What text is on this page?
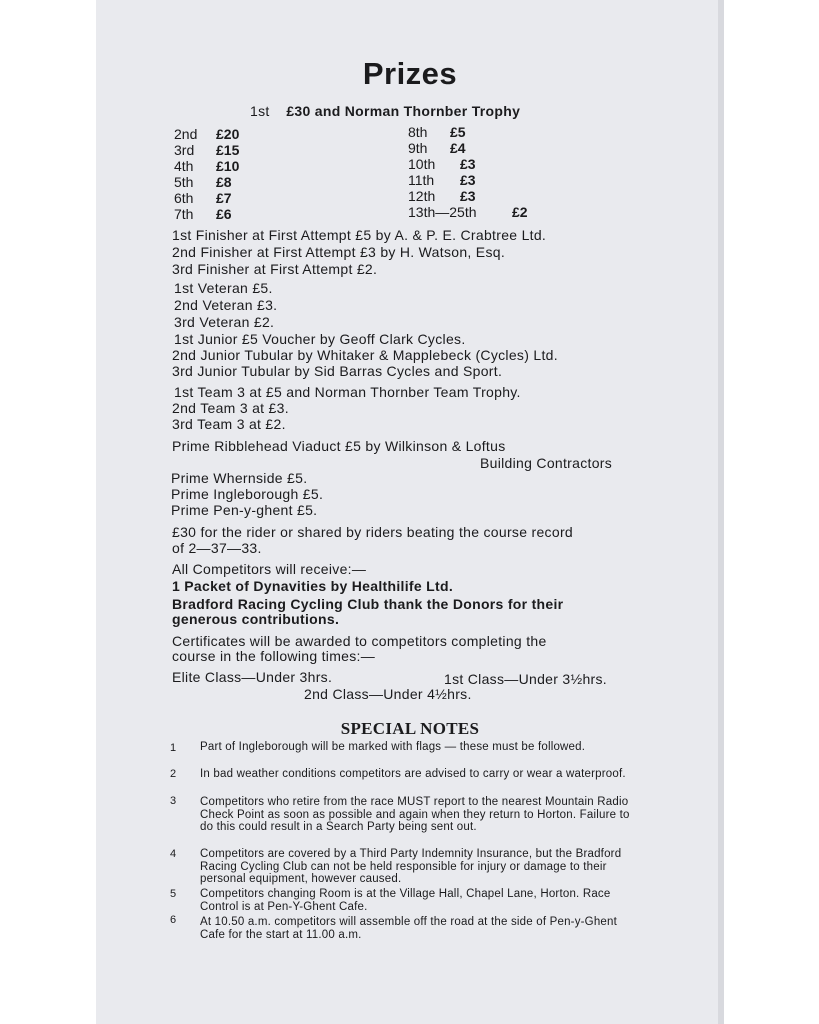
Prizes
1st £30 and Norman Thornber Trophy
2nd £20
3rd £15
4th £10
5th £8
6th £7
7th £6
8th £5
9th £4
10th £3
11th £3
12th £3
13th—25th	£2
1st Finisher at First Attempt £5 by A. & P. E. Crabtree Ltd.
2nd Finisher at First Attempt £3 by H. Watson, Esq.
3rd Finisher at First Attempt £2.
1st Veteran £5.
2nd Veteran £3.
3rd Veteran £2.
1st Junior £5 Voucher by Geoff Clark Cycles.
2nd Junior Tubular by Whitaker & Mapplebeck (Cycles) Ltd.
3rd Junior Tubular by Sid Barras Cycles and Sport.
1st Team 3 at £5 and Norman Thornber Team Trophy.
2nd Team 3 at £3.
3rd Team 3 at £2.
Prime Ribblehead Viaduct £5 by Wilkinson & Loftus
Building Contractors
Prime Whernside £5.
Prime Ingleborough £5.
Prime Pen-y-ghent £5.
£30 for the rider or shared by riders beating the course record
of 2—37—33.
All Competitors will receive:—
1 Packet of Dynavities by Healthilife Ltd.
Bradford Racing Cycling Club thank the Donors for their
generous contributions.
Certificates will be awarded to competitors completing the
course in the following times:—
Elite Class—Under 3hrs.	1st Class—Under 3½hrs.
2nd Class—Under 4½hrs.
SPECIAL NOTES
1 Part of Ingleborough will be marked with flags — these must be followed.
2 In bad weather conditions competitors are advised to carry or wear a waterproof.
3 Competitors who retire from the race MUST report to the nearest Mountain Radio Check Point as soon as possible and again when they return to Horton. Failure to do this could result in a Search Party being sent out.
4 Competitors are covered by a Third Party Indemnity Insurance, but the Bradford Racing Cycling Club can not be held responsible for injury or damage to their personal equipment, however caused.
5 Competitors changing Room is at the Village Hall, Chapel Lane, Horton. Race Control is at Pen-Y-Ghent Cafe.
6 At 10.50 a.m. competitors will assemble off the road at the side of Pen-y-Ghent Cafe for the start at 11.00 a.m.
